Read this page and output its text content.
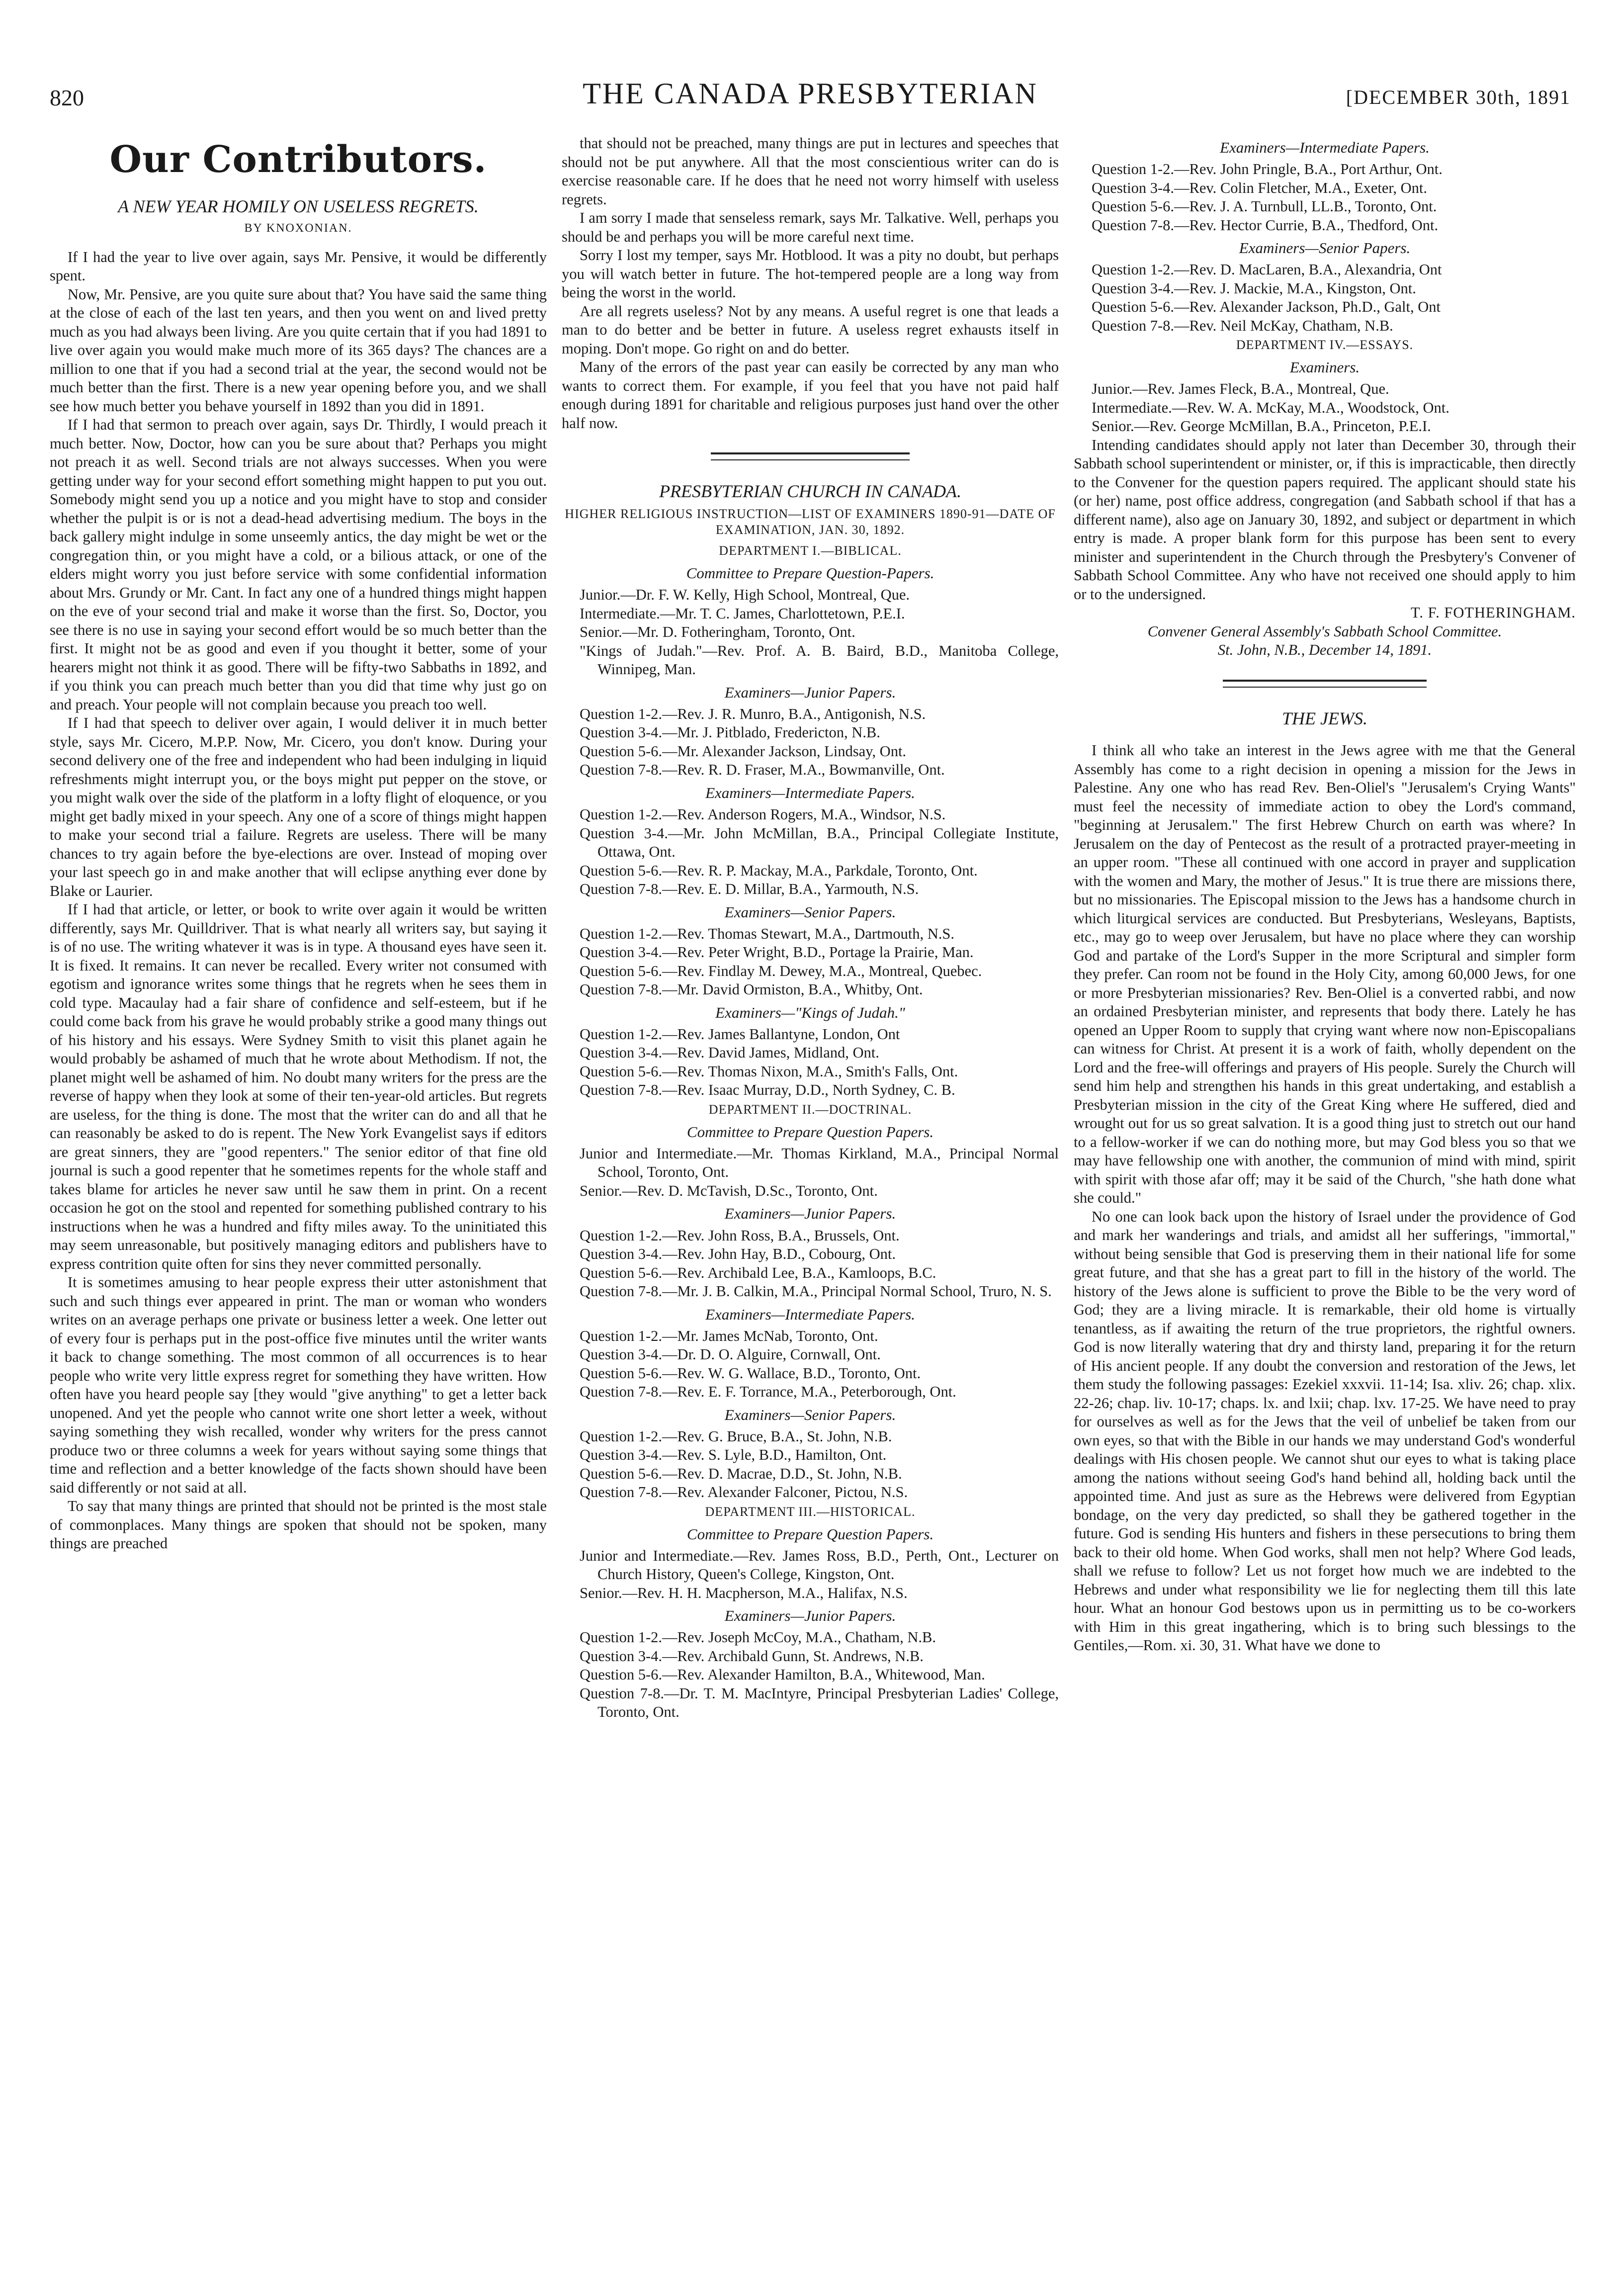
820	THE CANADA PRESBYTERIAN	[DECEMBER 30th, 1891
Our Contributors.
A NEW YEAR HOMILY ON USELESS REGRETS.
BY KNOXONIAN.

If I had the year to live over again, says Mr. Pensive, it would be differently spent.

Now, Mr. Pensive, are you quite sure about that? You have said the same thing at the close of each of the last ten years, and then you went on and lived pretty much as you had always been living. Are you quite certain that if you had 1891 to live over again you would make much more of its 365 days? The chances are a million to one that if you had a second trial at the year, the second would not be much better than the first. There is a new year opening before you, and we shall see how much better you behave yourself in 1892 than you did in 1891.

If I had that sermon to preach over again, says Dr. Thirdly, I would preach it much better. Now, Doctor, how can you be sure about that? Perhaps you might not preach it as well. Second trials are not always successes. When you were getting under way for your second effort something might happen to put you out. Somebody might send you up a notice and you might have to stop and consider whether the pulpit is or is not a dead-head advertising medium. The boys in the back gallery might indulge in some unseemly antics, the day might be wet or the congregation thin, or you might have a cold, or a bilious attack, or one of the elders might worry you just before service with some confidential information about Mrs. Grundy or Mr. Cant. In fact any one of a hundred things might happen on the eve of your second trial and make it worse than the first. So, Doctor, you see there is no use in saying your second effort would be so much better than the first. It might not be as good and even if you thought it better, some of your hearers might not think it as good. There will be fifty-two Sabbaths in 1892, and if you think you can preach much better than you did that time why just go on and preach. Your people will not complain because you preach too well.

If I had that speech to deliver over again, I would deliver it in much better style, says Mr. Cicero, M.P.P. Now, Mr. Cicero, you don't know. During your second delivery one of the free and independent who had been indulging in liquid refreshments might interrupt you, or the boys might put pepper on the stove, or you might walk over the side of the platform in a lofty flight of eloquence, or you might get badly mixed in your speech. Any one of a score of things might happen to make your second trial a failure. Regrets are useless. There will be many chances to try again before the bye-elections are over. Instead of moping over your last speech go in and make another that will eclipse anything ever done by Blake or Laurier.

If I had that article, or letter, or book to write over again it would be written differently, says Mr. Quilldriver. That is what nearly all writers say, but saying it is of no use. The writing whatever it was is in type. A thousand eyes have seen it. It is fixed. It remains. It can never be recalled. Every writer not consumed with egotism and ignorance writes some things that he regrets when he sees them in cold type. Macaulay had a fair share of confidence and self-esteem, but if he could come back from his grave he would probably strike a good many things out of his history and his essays. Were Sydney Smith to visit this planet again he would probably be ashamed of much that he wrote about Methodism. If not, the planet might well be ashamed of him. No doubt many writers for the press are the reverse of happy when they look at some of their ten-year-old articles. But regrets are useless, for the thing is done. The most that the writer can do and all that he can reasonably be asked to do is repent. The New York Evangelist says if editors are great sinners, they are "good repenters." The senior editor of that fine old journal is such a good repenter that he sometimes repents for the whole staff and takes blame for articles he never saw until he saw them in print. On a recent occasion he got on the stool and repented for something published contrary to his instructions when he was a hundred and fifty miles away. To the uninitiated this may seem unreasonable, but positively managing editors and publishers have to express contrition quite often for sins they never committed personally.

It is sometimes amusing to hear people express their utter astonishment that such and such things ever appeared in print. The man or woman who wonders writes on an average perhaps one private or business letter a week. One letter out of every four is perhaps put in the post-office five minutes until the writer wants it back to change something. The most common of all occurrences is to hear people who write very little express regret for something they have written. How often have you heard people say [they would "give anything" to get a letter back unopened. And yet the people who cannot write one short letter a week, without saying something they wish recalled, wonder why writers for the press cannot produce two or three columns a week for years without saying some things that time and reflection and a better knowledge of the facts shown should have been said differently or not said at all.

To say that many things are printed that should not be printed is the most stale of commonplaces. Many things are spoken that should not be spoken, many things are preached

that should not be preached, many things are put in lectures and speeches that should not be put anywhere. All that the most conscientious writer can do is exercise reasonable care. If he does that he need not worry himself with useless regrets.

I am sorry I made that senseless remark, says Mr. Talkative. Well, perhaps you should be and perhaps you will be more careful next time.

Sorry I lost my temper, says Mr. Hotblood. It was a pity no doubt, but perhaps you will watch better in future. The hot-tempered people are a long way from being the worst in the world.

Are all regrets useless? Not by any means. A useful regret is one that leads a man to do better and be better in future. A useless regret exhausts itself in moping. Don't mope. Go right on and do better.

Many of the errors of the past year can easily be corrected by any man who wants to correct them. For example, if you feel that you have not paid half enough during 1891 for charitable and religious purposes just hand over the other half now.

PRESBYTERIAN CHURCH IN CANADA.
HIGHER RELIGIOUS INSTRUCTION—LIST OF EXAMINERS 1890-91—DATE OF EXAMINATION, JAN. 30, 1892.
DEPARTMENT I.—BIBLICAL.
Committee to Prepare Question-Papers.

Junior.—Dr. F. W. Kelly, High School, Montreal, Que.

Intermediate.—Mr. T. C. James, Charlottetown, P.E.I.

Senior.—Mr. D. Fotheringham, Toronto, Ont.

"Kings of Judah."—Rev. Prof. A. B. Baird, B.D., Manitoba College, Winnipeg, Man.

Examiners—Junior Papers.

Question 1-2.—Rev. J. R. Munro, B.A., Antigonish, N.S.

Question 3-4.—Mr. J. Pitblado, Fredericton, N.B.

Question 5-6.—Mr. Alexander Jackson, Lindsay, Ont.

Question 7-8.—Rev. R. D. Fraser, M.A., Bowmanville, Ont.

Examiners—Intermediate Papers.

Question 1-2.—Rev. Anderson Rogers, M.A., Windsor, N.S.

Question 3-4.—Mr. John McMillan, B.A., Principal Collegiate Institute, Ottawa, Ont.

Question 5-6.—Rev. R. P. Mackay, M.A., Parkdale, Toronto, Ont.

Question 7-8.—Rev. E. D. Millar, B.A., Yarmouth, N.S.

Examiners—Senior Papers.

Question 1-2.—Rev. Thomas Stewart, M.A., Dartmouth, N.S.

Question 3-4.—Rev. Peter Wright, B.D., Portage la Prairie, Man.

Question 5-6.—Rev. Findlay M. Dewey, M.A., Montreal, Quebec.

Question 7-8.—Mr. David Ormiston, B.A., Whitby, Ont.

Examiners—"Kings of Judah."

Question 1-2.—Rev. James Ballantyne, London, Ont

Question 3-4.—Rev. David James, Midland, Ont.

Question 5-6.—Rev. Thomas Nixon, M.A., Smith's Falls, Ont.

Question 7-8.—Rev. Isaac Murray, D.D., North Sydney, C. B.

DEPARTMENT II.—DOCTRINAL.
Committee to Prepare Question Papers.

Junior and Intermediate.—Mr. Thomas Kirkland, M.A., Principal Normal School, Toronto, Ont.

Senior.—Rev. D. McTavish, D.Sc., Toronto, Ont.

Examiners—Junior Papers.

Question 1-2.—Rev. John Ross, B.A., Brussels, Ont.

Question 3-4.—Rev. John Hay, B.D., Cobourg, Ont.

Question 5-6.—Rev. Archibald Lee, B.A., Kamloops, B.C.

Question 7-8.—Mr. J. B. Calkin, M.A., Principal Normal School, Truro, N. S.

Examiners—Intermediate Papers.

Question 1-2.—Mr. James McNab, Toronto, Ont.

Question 3-4.—Dr. D. O. Alguire, Cornwall, Ont.

Question 5-6.—Rev. W. G. Wallace, B.D., Toronto, Ont.

Question 7-8.—Rev. E. F. Torrance, M.A., Peterborough, Ont.

Examiners—Senior Papers.

Question 1-2.—Rev. G. Bruce, B.A., St. John, N.B.

Question 3-4.—Rev. S. Lyle, B.D., Hamilton, Ont.

Question 5-6.—Rev. D. Macrae, D.D., St. John, N.B.

Question 7-8.—Rev. Alexander Falconer, Pictou, N.S.

DEPARTMENT III.—HISTORICAL.
Committee to Prepare Question Papers.

Junior and Intermediate.—Rev. James Ross, B.D., Perth, Ont., Lecturer on Church History, Queen's College, Kingston, Ont.

Senior.—Rev. H. H. Macpherson, M.A., Halifax, N.S.

Examiners—Junior Papers.

Question 1-2.—Rev. Joseph McCoy, M.A., Chatham, N.B.

Question 3-4.—Rev. Archibald Gunn, St. Andrews, N.B.

Question 5-6.—Rev. Alexander Hamilton, B.A., Whitewood, Man.

Question 7-8.—Dr. T. M. MacIntyre, Principal Presbyterian Ladies' College, Toronto, Ont.

Examiners—Intermediate Papers.

Question 1-2.—Rev. John Pringle, B.A., Port Arthur, Ont.

Question 3-4.—Rev. Colin Fletcher, M.A., Exeter, Ont.

Question 5-6.—Rev. J. A. Turnbull, LL.B., Toronto, Ont.

Question 7-8.—Rev. Hector Currie, B.A., Thedford, Ont.

Examiners—Senior Papers.

Question 1-2.—Rev. D. MacLaren, B.A., Alexandria, Ont

Question 3-4.—Rev. J. Mackie, M.A., Kingston, Ont.

Question 5-6.—Rev. Alexander Jackson, Ph.D., Galt, Ont

Question 7-8.—Rev. Neil McKay, Chatham, N.B.

DEPARTMENT IV.—ESSAYS.
Examiners.

Junior.—Rev. James Fleck, B.A., Montreal, Que.

Intermediate.—Rev. W. A. McKay, M.A., Woodstock, Ont.

Senior.—Rev. George McMillan, B.A., Princeton, P.E.I.

Intending candidates should apply not later than December 30, through their Sabbath school superintendent or minister, or, if this is impracticable, then directly to the Convener for the question papers required. The applicant should state his (or her) name, post office address, congregation (and Sabbath school if that has a different name), also age on January 30, 1892, and subject or department in which entry is made. A proper blank form for this purpose has been sent to every minister and superintendent in the Church through the Presbytery's Convener of Sabbath School Committee. Any who have not received one should apply to him or to the undersigned.

T. F. FOTHERINGHAM.

Convener General Assembly's Sabbath School Committee.

St. John, N.B., December 14, 1891.

THE JEWS.

I think all who take an interest in the Jews agree with me that the General Assembly has come to a right decision in opening a mission for the Jews in Palestine. Any one who has read Rev. Ben-Oliel's "Jerusalem's Crying Wants" must feel the necessity of immediate action to obey the Lord's command, "beginning at Jerusalem." The first Hebrew Church on earth was where? In Jerusalem on the day of Pentecost as the result of a protracted prayer-meeting in an upper room. "These all continued with one accord in prayer and supplication with the women and Mary, the mother of Jesus." It is true there are missions there, but no missionaries. The Episcopal mission to the Jews has a handsome church in which liturgical services are conducted. But Presbyterians, Wesleyans, Baptists, etc., may go to weep over Jerusalem, but have no place where they can worship God and partake of the Lord's Supper in the more Scriptural and simpler form they prefer. Can room not be found in the Holy City, among 60,000 Jews, for one or more Presbyterian missionaries? Rev. Ben-Oliel is a converted rabbi, and now an ordained Presbyterian minister, and represents that body there. Lately he has opened an Upper Room to supply that crying want where now non-Episcopalians can witness for Christ. At present it is a work of faith, wholly dependent on the Lord and the free-will offerings and prayers of His people. Surely the Church will send him help and strengthen his hands in this great undertaking, and establish a Presbyterian mission in the city of the Great King where He suffered, died and wrought out for us so great salvation. It is a good thing just to stretch out our hand to a fellow-worker if we can do nothing more, but may God bless you so that we may have fellowship one with another, the communion of mind with mind, spirit with spirit with those afar off; may it be said of the Church, "she hath done what she could."

No one can look back upon the history of Israel under the providence of God and mark her wanderings and trials, and amidst all her sufferings, "immortal," without being sensible that God is preserving them in their national life for some great future, and that she has a great part to fill in the history of the world. The history of the Jews alone is sufficient to prove the Bible to be the very word of God; they are a living miracle. It is remarkable, their old home is virtually tenantless, as if awaiting the return of the true proprietors, the rightful owners. God is now literally watering that dry and thirsty land, preparing it for the return of His ancient people. If any doubt the conversion and restoration of the Jews, let them study the following passages: Ezekiel xxxvii. 11-14; Isa. xliv. 26; chap. xlix. 22-26; chap. liv. 10-17; chaps. lx. and lxii; chap. lxv. 17-25. We have need to pray for ourselves as well as for the Jews that the veil of unbelief be taken from our own eyes, so that with the Bible in our hands we may understand God's wonderful dealings with His chosen people. We cannot shut our eyes to what is taking place among the nations without seeing God's hand behind all, holding back until the appointed time. And just as sure as the Hebrews were delivered from Egyptian bondage, on the very day predicted, so shall they be gathered together in the future. God is sending His hunters and fishers in these persecutions to bring them back to their old home. When God works, shall men not help? Where God leads, shall we refuse to follow? Let us not forget how much we are indebted to the Hebrews and under what responsibility we lie for neglecting them till this late hour. What an honour God bestows upon us in permitting us to be co-workers with Him in this great ingathering, which is to bring such blessings to the Gentiles,—Rom. xi. 30, 31. What have we done to
